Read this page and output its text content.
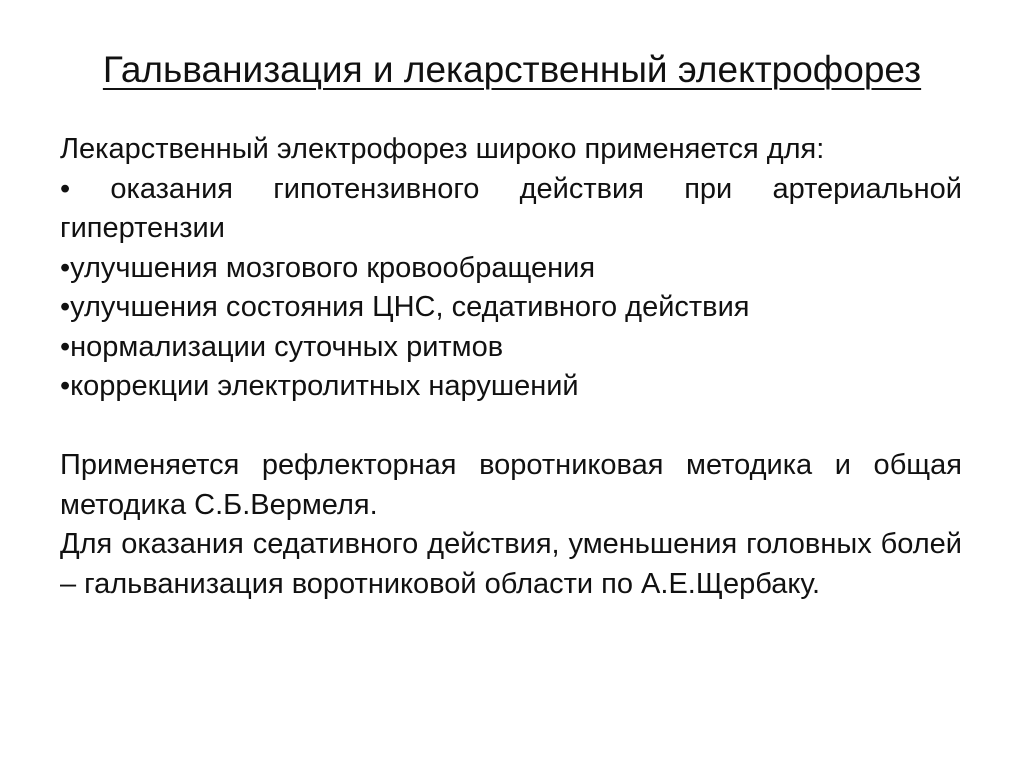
Гальванизация и лекарственный электрофорез

Лекарственный электрофорез широко применяется для:

• оказания гипотензивного действия при артериальной гипертензии

•улучшения мозгового кровообращения

•улучшения состояния ЦНС, седативного действия

•нормализации суточных ритмов

•коррекции электролитных нарушений

Применяется рефлекторная воротниковая методика и общая методика С.Б.Вермеля.

Для оказания седативного действия, уменьшения головных болей – гальванизация воротниковой области по А.Е.Щербаку.
